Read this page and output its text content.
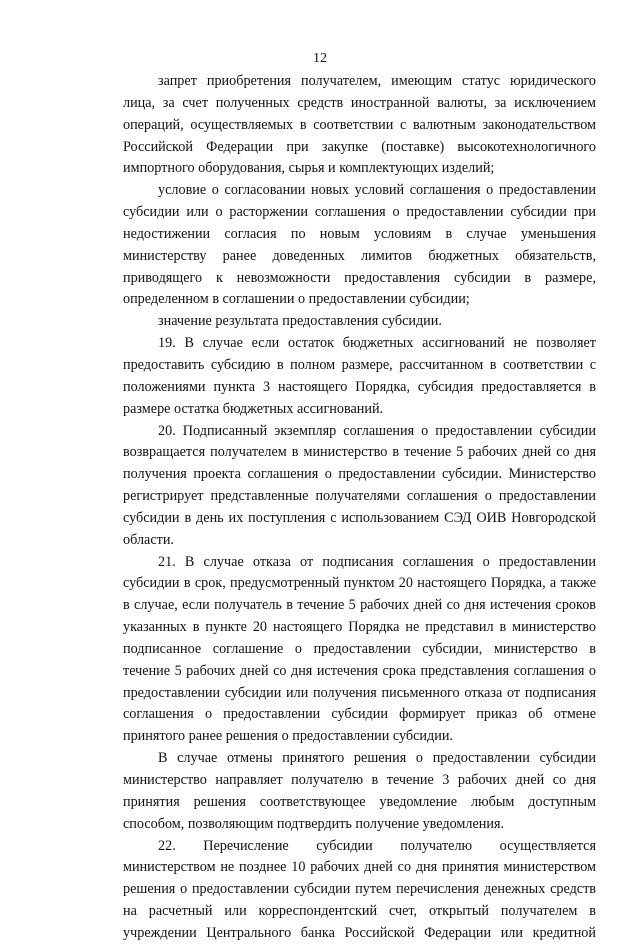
12

запрет приобретения получателем, имеющим статус юридического лица, за счет полученных средств иностранной валюты, за исключением операций, осуществляемых в соответствии с валютным законодательством Российской Федерации при закупке (поставке) высокотехнологичного импортного оборудования, сырья и комплектующих изделий;

условие о согласовании новых условий соглашения о предоставлении субсидии или о расторжении соглашения о предоставлении субсидии при недостижении согласия по новым условиям в случае уменьшения министерству ранее доведенных лимитов бюджетных обязательств, приводящего к невозможности предоставления субсидии в размере, определенном в соглашении о предоставлении субсидии;

значение результата предоставления субсидии.

19. В случае если остаток бюджетных ассигнований не позволяет предоставить субсидию в полном размере, рассчитанном в соответствии с положениями пункта 3 настоящего Порядка, субсидия предоставляется в размере остатка бюджетных ассигнований.

20. Подписанный экземпляр соглашения о предоставлении субсидии возвращается получателем в министерство в течение 5 рабочих дней со дня получения проекта соглашения о предоставлении субсидии. Министерство регистрирует представленные получателями соглашения о предоставлении субсидии в день их поступления с использованием СЭД ОИВ Новгородской области.

21. В случае отказа от подписания соглашения о предоставлении субсидии в срок, предусмотренный пунктом 20 настоящего Порядка, а также в случае, если получатель в течение 5 рабочих дней со дня истечения сроков указанных в пункте 20 настоящего Порядка не представил в министерство подписанное соглашение о предоставлении субсидии, министерство в течение 5 рабочих дней со дня истечения срока представления соглашения о предоставлении субсидии или получения письменного отказа от подписания соглашения о предоставлении субсидии формирует приказ об отмене принятого ранее решения о предоставлении субсидии.

В случае отмены принятого решения о предоставлении субсидии министерство направляет получателю в течение 3 рабочих дней со дня принятия решения соответствующее уведомление любым доступным способом, позволяющим подтвердить получение уведомления.

22. Перечисление субсидии получателю осуществляется министерством не позднее 10 рабочих дней со дня принятия министерством решения о предоставлении субсидии путем перечисления денежных средств на расчетный или корреспондентский счет, открытый получателем в учреждении Центрального банка Российской Федерации или кредитной
